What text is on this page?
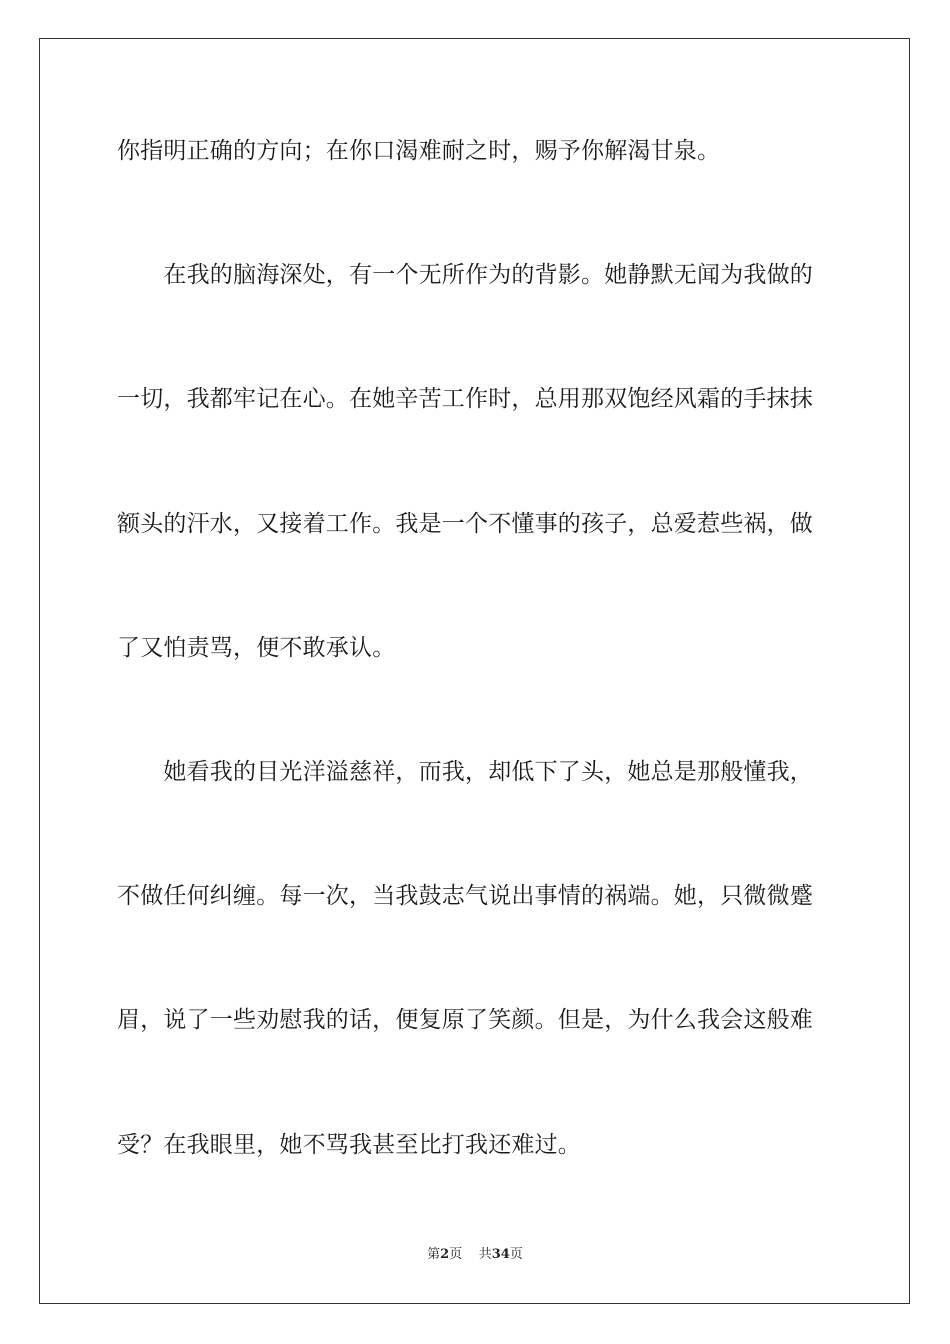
你指明正确的方向；在你口渴难耐之时，赐予你解渴甘泉。
　　在我的脑海深处，有一个无所作为的背影。她静默无闻为我做的
一切，我都牢记在心。在她辛苦工作时，总用那双饱经风霜的手抹抹
额头的汗水，又接着工作。我是一个不懂事的孩子，总爱惹些祸，做
了又怕责骂，便不敢承认。
　　她看我的目光洋溢慈祥，而我，却低下了头，她总是那般懂我，
不做任何纠缠。每一次，当我鼓志气说出事情的祸端。她，只微微蹙
眉，说了一些劝慰我的话，便复原了笑颜。但是，为什么我会这般难
受？在我眼里，她不骂我甚至比打我还难过。
第2页 共34页
